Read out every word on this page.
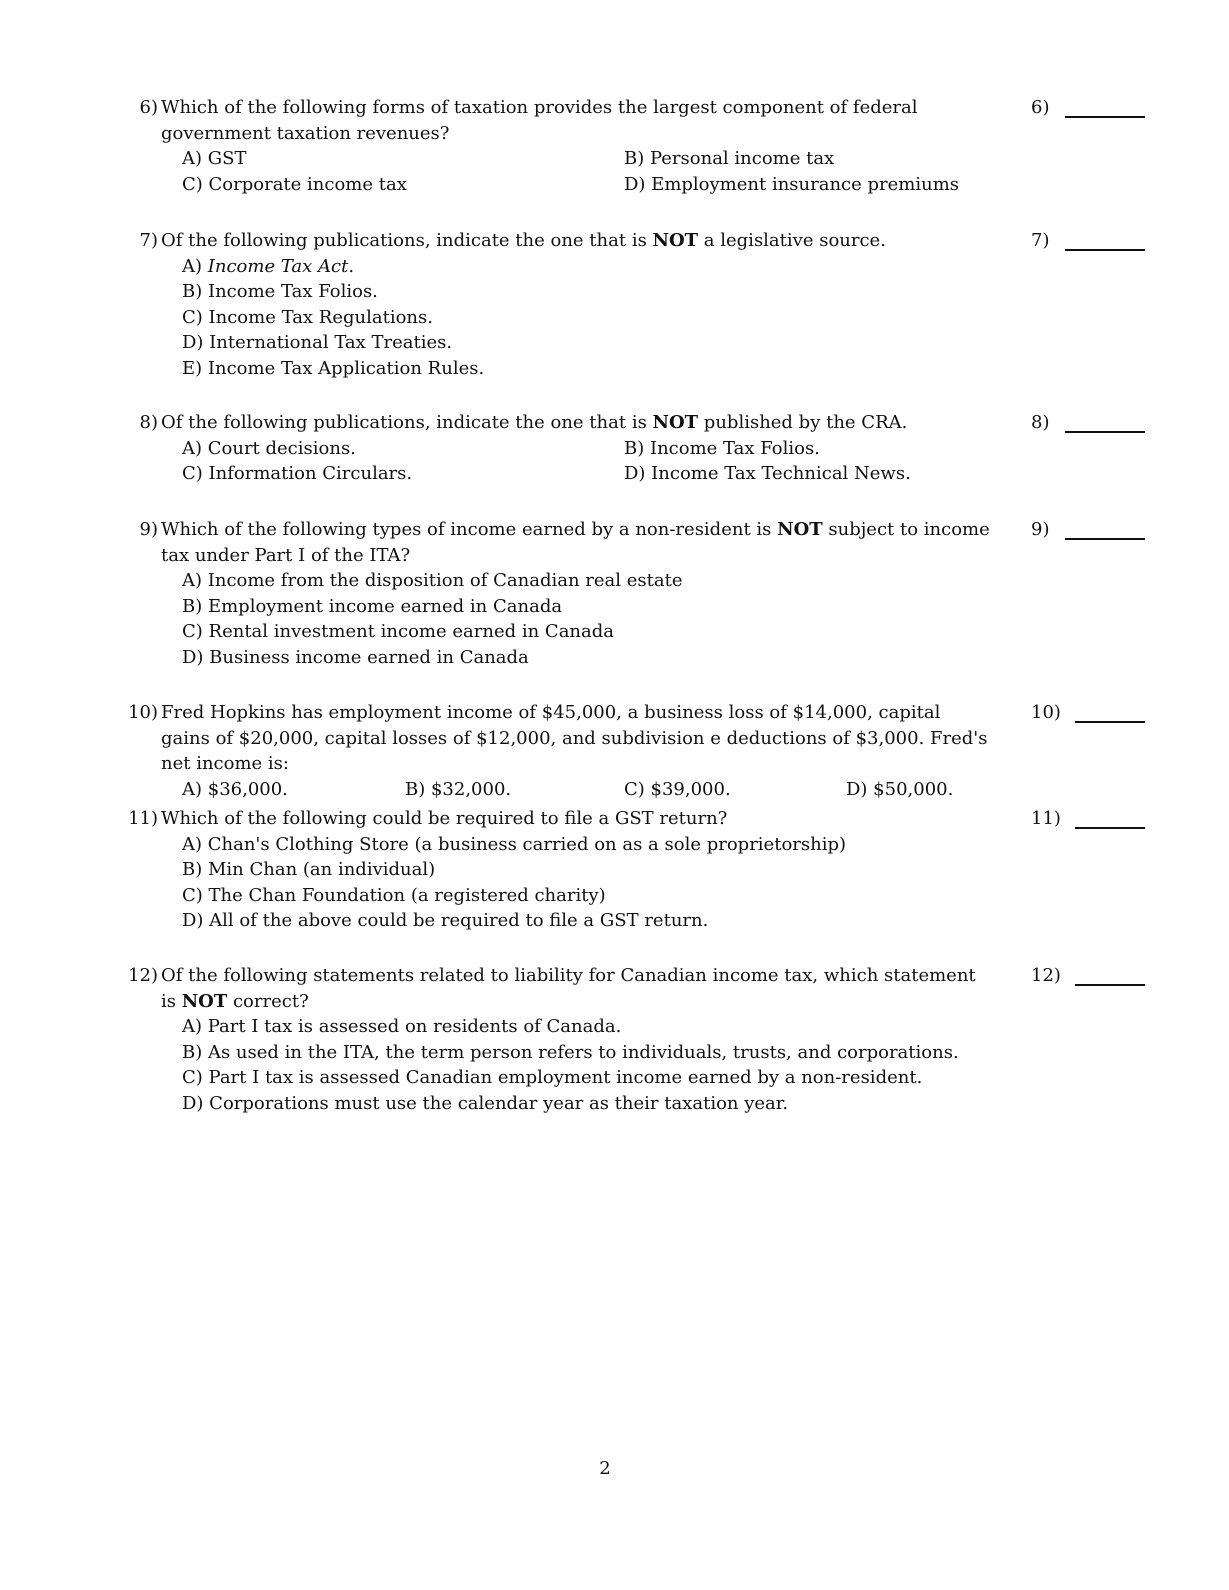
6) Which of the following forms of taxation provides the largest component of federal government taxation revenues?
6)
A) GST	B) Personal income tax
C) Corporate income tax	D) Employment insurance premiums
7) Of the following publications, indicate the one that is NOT a legislative source.	7)
A) Income Tax Act.
B) Income Tax Folios.
C) Income Tax Regulations.
D) International Tax Treaties.
E) Income Tax Application Rules.
8) Of the following publications, indicate the one that is NOT published by the CRA.	8)
A) Court decisions.	B) Income Tax Folios.
C) Information Circulars.	D) Income Tax Technical News.
9) Which of the following types of income earned by a non-resident is NOT subject to income tax under Part I of the ITA?
9)
A) Income from the disposition of Canadian real estate
B) Employment income earned in Canada
C) Rental investment income earned in Canada
D) Business income earned in Canada
10) Fred Hopkins has employment income of $45,000, a business loss of $14,000, capital gains of $20,000, capital losses of $12,000, and subdivision e deductions of $3,000. Fred's net income is:
10)
A) $36,000.	B) $32,000.	C) $39,000.	D) $50,000.
11) Which of the following could be required to file a GST return?	11)
A) Chan's Clothing Store (a business carried on as a sole proprietorship)
B) Min Chan (an individual)
C) The Chan Foundation (a registered charity)
D) All of the above could be required to file a GST return.
12) Of the following statements related to liability for Canadian income tax, which statement is NOT correct?
12)
A) Part I tax is assessed on residents of Canada.
B) As used in the ITA, the term person refers to individuals, trusts, and corporations.
C) Part I tax is assessed Canadian employment income earned by a non-resident.
D) Corporations must use the calendar year as their taxation year.
2
